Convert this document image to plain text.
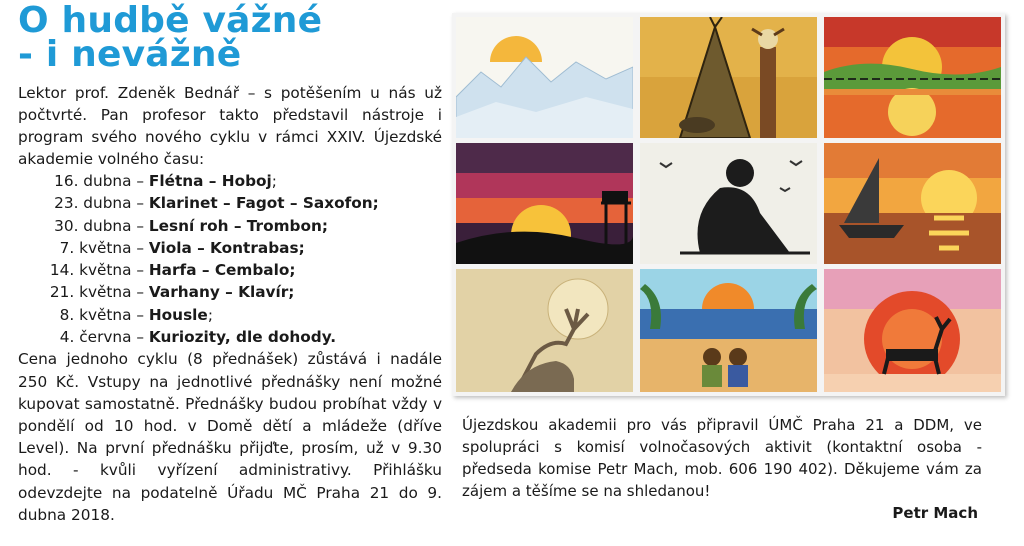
O hudbě vážné
- i nevážně
Lektor prof. Zdeněk Bednář – s potěšením u nás už počtvrté. Pan profesor takto představil nástroje i program svého nového cyklu v rámci XXIV. Újezdské akademie volného času:
16. dubna – Flétna – Hoboj;
23. dubna – Klarinet – Fagot – Saxofon;
30. dubna – Lesní roh – Trombon;
7. května – Viola – Kontrabas;
14. května – Harfa – Cembalo;
21. května – Varhany – Klavír;
8. května – Housle;
4. června – Kuriozity, dle dohody.
Cena jednoho cyklu (8 přednášek) zůstává i nadále 250 Kč. Vstupy na jednotlivé přednášky není možné kupovat samostatně. Přednášky budou probíhat vždy v pondělí od 10 hod. v Domě dětí a mládeže (dříve Level). Na první přednášku přijďte, prosím, už v 9.30 hod. - kvůli vyřízení administrativy. Přihlášku odevzdejte na podatelně Úřadu MČ Praha 21 do 9. dubna 2018.
Újezdskou akademii pro vás připravil ÚMČ Praha 21 a DDM, ve spolupráci s komisí volnočasových aktivit (kontaktní osoba - předseda komise Petr Mach, mob. 606 190 402). Děkujeme vám za zájem a těšíme se na shledanou!
Petr Mach
